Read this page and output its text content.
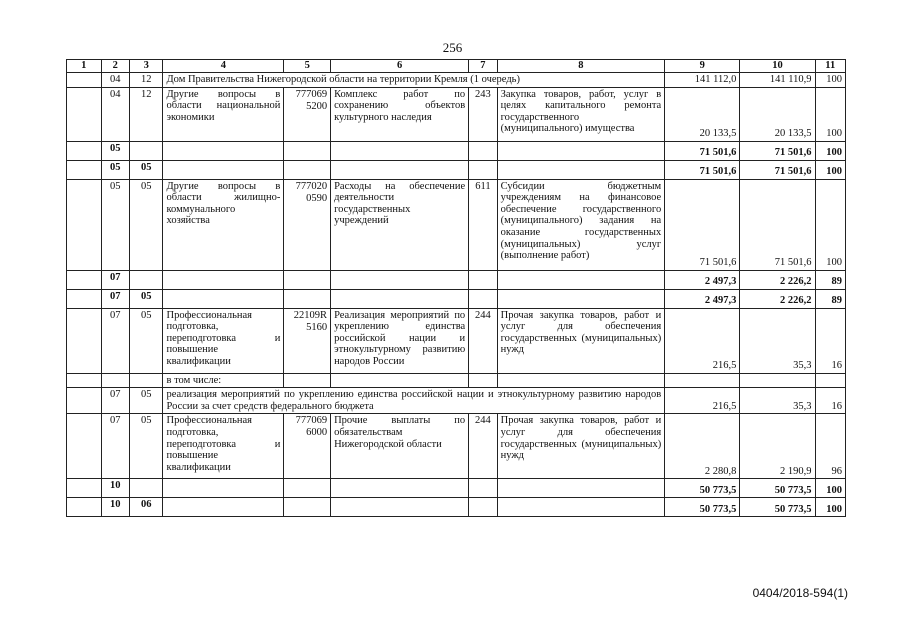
256
1	2	3	4	5	6	7	8	9	10	11
	04	12	Дом Правительства Нижегородской области на территории Кремля (1 очередь)					141 112,0	141 110,9	100
	04	12	Другие вопросы в области национальной экономики	777069 5200	Комплекс работ по сохранению объектов культурного наследия	243	Закупка товаров, работ, услуг в целях капитального ремонта государственного (муниципального) имущества	20 133,5	20 133,5	100
	05							71 501,6	71 501,6	100
	05	05						71 501,6	71 501,6	100
	05	05	Другие вопросы в области жилищно-коммунального хозяйства	777020 0590	Расходы на обеспечение деятельности государственных учреждений	611	Субсидии бюджетным учреждениям на финансовое обеспечение государственного (муниципального) задания на оказание государственных (муниципальных) услуг (выполнение работ)	71 501,6	71 501,6	100
	07							2 497,3	2 226,2	89
	07	05						2 497,3	2 226,2	89
	07	05	Профессиональная подготовка, переподготовка и повышение квалификации	22109R 5160	Реализация мероприятий по укреплению единства российской нации и этнокультурному развитию народов России	244	Прочая закупка товаров, работ и услуг для обеспечения государственных (муниципальных) нужд	216,5	35,3	16
			в том числе:							
	07	05	реализация мероприятий по укреплению единства российской нации и этнокультурному развитию народов России за счет средств федерального бюджета					216,5	35,3	16
	07	05	Профессиональная подготовка, переподготовка и повышение квалификации	777069 6000	Прочие выплаты по обязательствам Нижегородской области	244	Прочая закупка товаров, работ и услуг для обеспечения государственных (муниципальных) нужд	2 280,8	2 190,9	96
	10							50 773,5	50 773,5	100
	10	06						50 773,5	50 773,5	100
0404/2018-594(1)
